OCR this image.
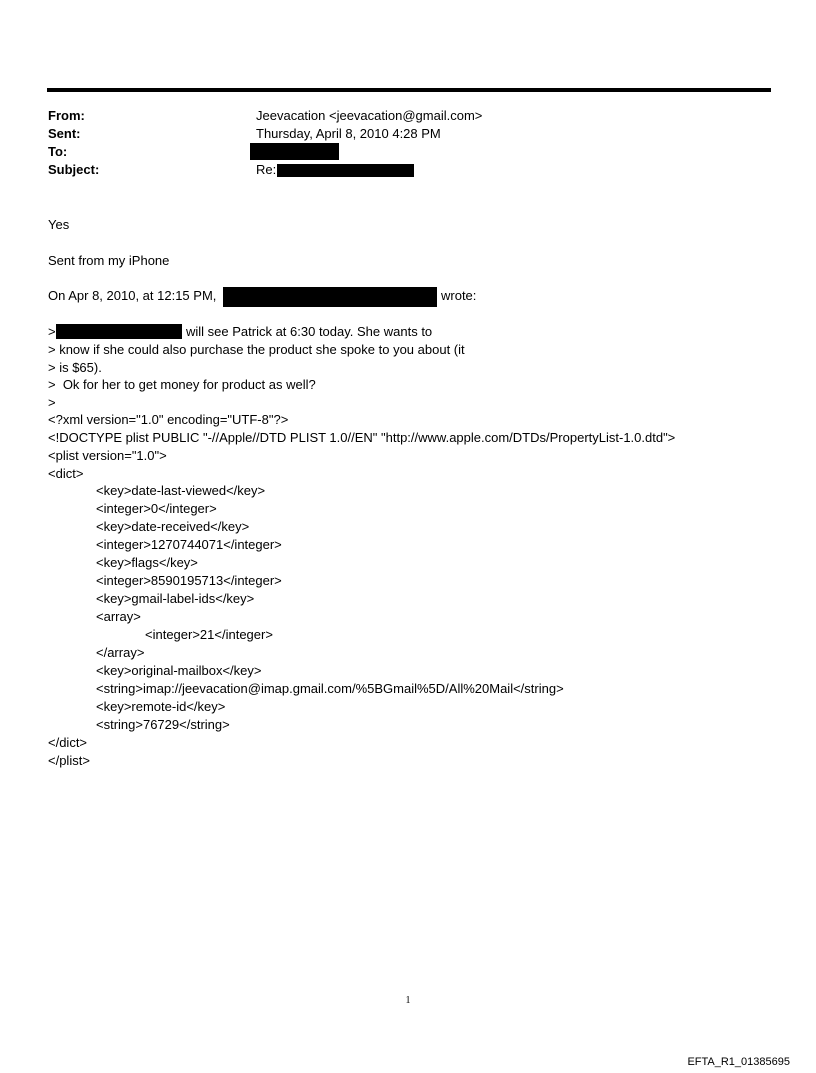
From:	Jeevacation <jeevacation@gmail.com>
Sent:	Thursday, April 8, 2010 4:28 PM
To:
Subject:	Re:
Yes
Sent from my iPhone
On Apr 8, 2010, at 12:15 PM,	wrote:
>	will see Patrick at 6:30 today. She wants to
> know if she could also purchase the product she spoke to you about (it
> is $65).
>  Ok for her to get money for product as well?
>
<?xml version="1.0" encoding="UTF-8"?>
<!DOCTYPE plist PUBLIC "-//Apple//DTD PLIST 1.0//EN" "http://www.apple.com/DTDs/PropertyList-1.0.dtd">
<plist version="1.0">
<dict>
<key>date-last-viewed</key>
<integer>0</integer>
<key>date-received</key>
<integer>1270744071</integer>
<key>flags</key>
<integer>8590195713</integer>
<key>gmail-label-ids</key>
<array>
<integer>21</integer>
</array>
<key>original-mailbox</key>
<string>imap://jeevacation@imap.gmail.com/%5BGmail%5D/All%20Mail</string>
<key>remote-id</key>
<string>76729</string>
</dict>
</plist>
1
EFTA_R1_01385695
